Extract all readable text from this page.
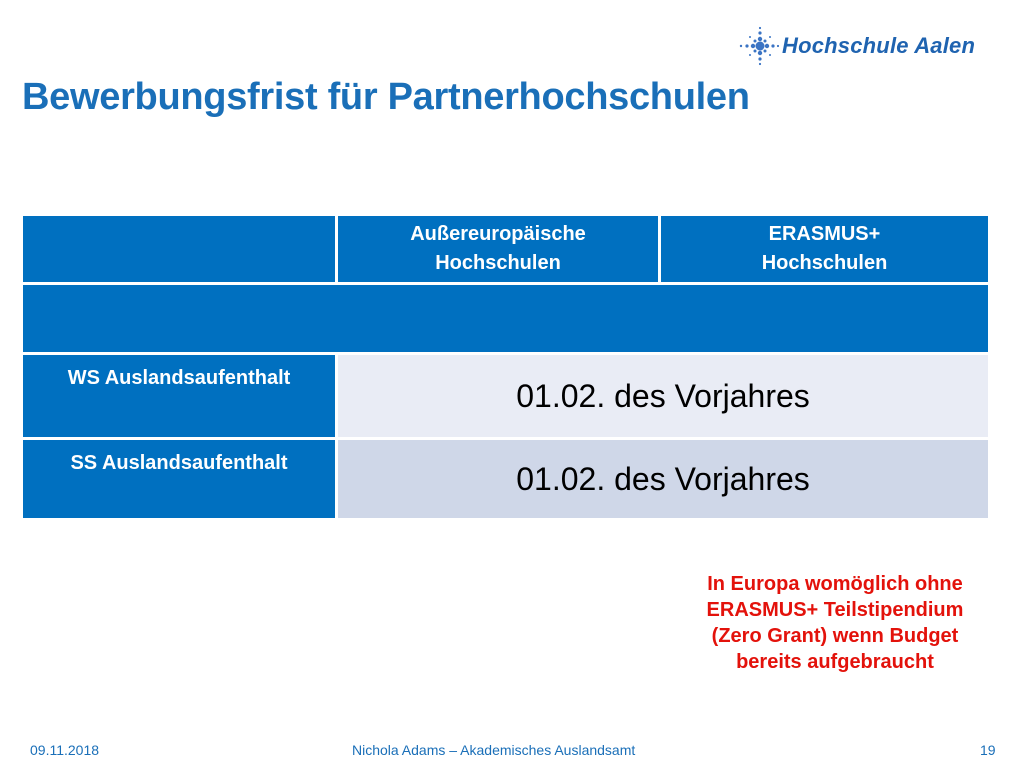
Hochschule Aalen
Bewerbungsfrist für Partnerhochschulen

	Außereuropäische Hochschulen	ERASMUS+ Hochschulen

WS Auslandsaufenthalt	01.02. des Vorjahres	
SS Auslandsaufenthalt	01.02. des Vorjahres	

In Europa womöglich ohne ERASMUS+ Teilstipendium (Zero Grant) wenn Budget bereits aufgebraucht

09.11.2018	Nichola Adams – Akademisches Auslandsamt	19
